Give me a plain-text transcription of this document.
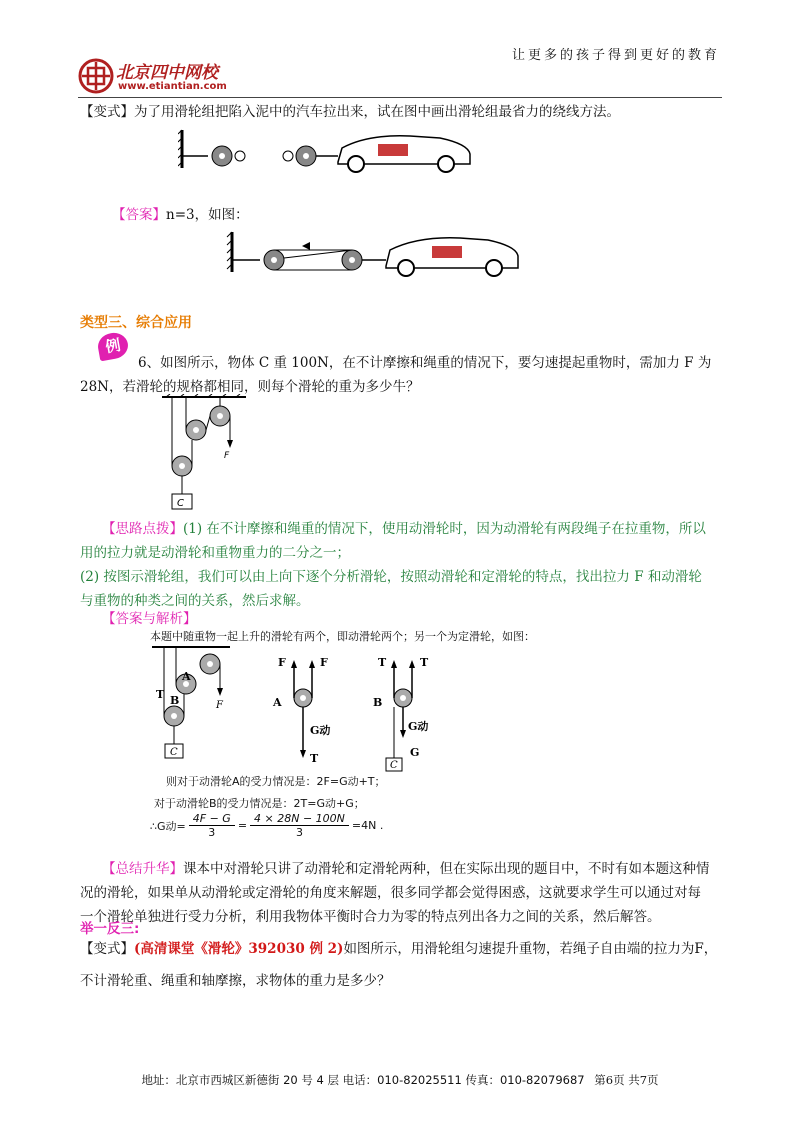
北京四中网校
www.etiantian.com
让更多的孩子得到更好的教育
【变式】为了用滑轮组把陷入泥中的汽车拉出来，试在图中画出滑轮组最省力的绕线方法。
【答案】n=3，如图：
类型三、综合应用
例
6、如图所示，物体 C 重 100N，在不计摩擦和绳重的情况下，要匀速提起重物时，需加力 F 为
28N，若滑轮的规格都相同，则每个滑轮的重为多少牛？
F
C
【思路点拨】(1) 在不计摩擦和绳重的情况下，使用动滑轮时，因为动滑轮有两段绳子在拉重物，所以
用的拉力就是动滑轮和重物重力的二分之一；
(2) 按图示滑轮组，我们可以由上向下逐个分析滑轮，按照动滑轮和定滑轮的特点，找出拉力 F 和动滑轮
与重物的种类之间的关系，然后求解。
【答案与解析】
本题中随重物一起上升的滑轮有两个，即动滑轮两个；另一个为定滑轮，如图：
A
T B	F
C
F	F
A
G动
T
C
T	T
B
G动
G
则对于动滑轮A的受力情况是：2F=G动+T；
对于动滑轮B的受力情况是：2T=G动+G；
∴G动= $\frac{4F - G}{3} = \frac{4 \times 28N - 100N}{3} =4N$ .
【总结升华】课本中对滑轮只讲了动滑轮和定滑轮两种，但在实际出现的题目中，不时有如本题这种情
况的滑轮，如果单从动滑轮或定滑轮的角度来解题，很多同学都会觉得困惑，这就要求学生可以通过对每
一个滑轮单独进行受力分析，利用我物体平衡时合力为零的特点列出各力之间的关系，然后解答。
举一反三:
【变式】(高清课堂《滑轮》392030 例 2)如图所示，用滑轮组匀速提升重物，若绳子自由端的拉力为F，
不计滑轮重、绳重和轴摩擦，求物体的重力是多少？
地址：北京市西城区新德街 20 号 4 层 电话：010-82025511 传真：010-82079687 第6页 共7页
